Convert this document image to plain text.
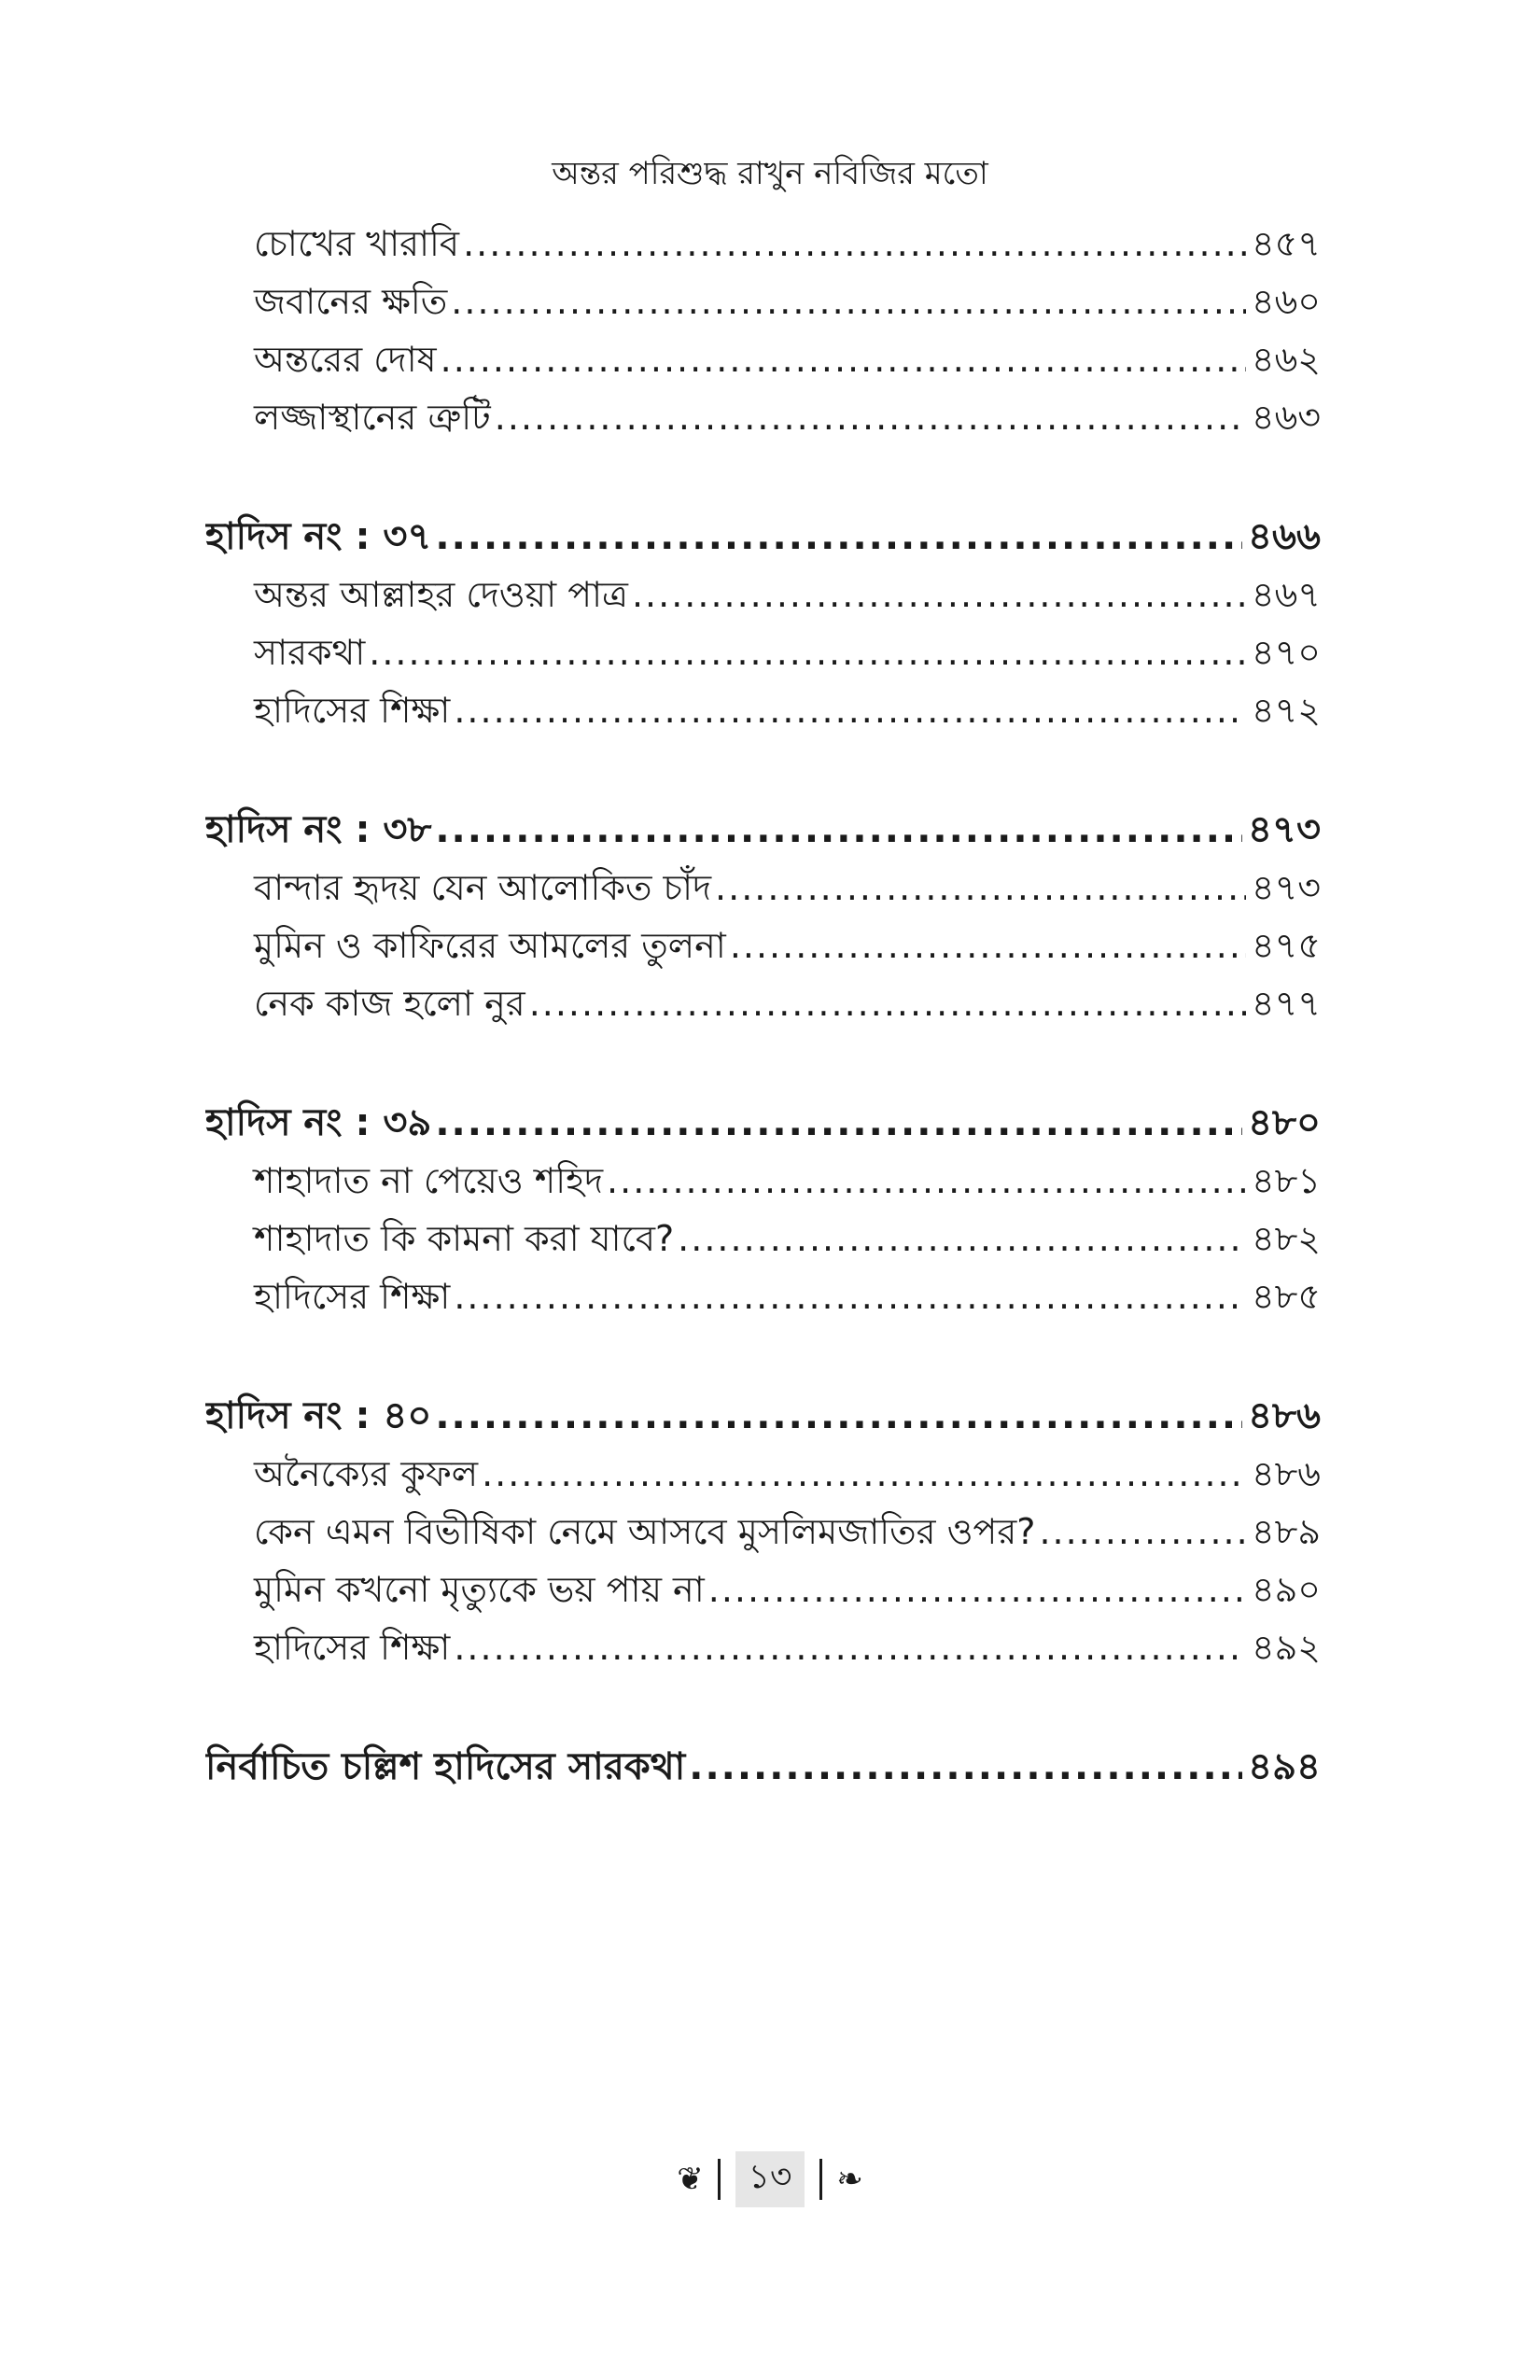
অন্তর পরিশুদ্ধ রাখুন নবিজির মতো
চোখের খারাবি .....	৪৫৭
জবানের ক্ষতি .....	৪৬০
অন্তরের দোষ .....	৪৬২
লজ্জাস্থানের ত্রুটি .....	৪৬৩
হাদিস নং : ৩৭ .....	৪৬৬
অন্তর আল্লাহর দেওয়া পাত্র .....	৪৬৭
সারকথা .....	৪৭০
হাদিসের শিক্ষা .....	৪৭২
হাদিস নং : ৩৮ .....	৪৭৩
বান্দার হৃদয় যেন আলোকিত চাঁদ .....	৪৭৩
মুমিন ও কাফিরের আমলের তুলনা .....	৪৭৫
নেক কাজ হলো নুর .....	৪৭৭
হাদিস নং : ৩৯ .....	৪৮০
শাহাদাত না পেয়েও শহিদ .....	৪৮১
শাহাদাত কি কামনা করা যাবে? .....	৪৮২
হাদিসের শিক্ষা .....	৪৮৫
হাদিস নং : ৪০ .....	৪৮৬
অনৈক্যের কুফল .....	৪৮৬
কেন এমন বিভীষিকা নেমে আসবে মুসলিমজাতির ওপর? .....	৪৮৯
মুমিন কখনো মৃত্যুকে ভয় পায় না .....	৪৯০
হাদিসের শিক্ষা .....	৪৯২
নির্বাচিত চল্লিশ হাদিসের সারকথা .....	৪৯৪
❦ ১৩ ❧
